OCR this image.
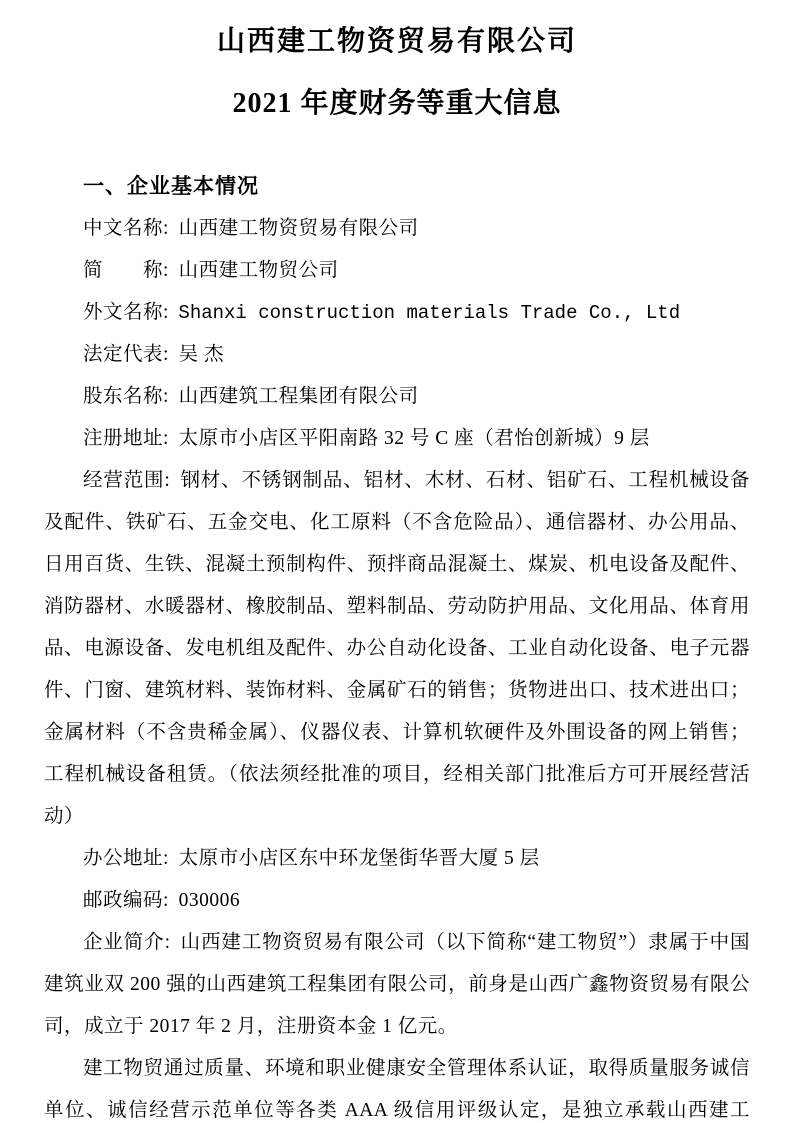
山西建工物资贸易有限公司
2021 年度财务等重大信息
一、企业基本情况

中文名称: 山西建工物资贸易有限公司

简　　称: 山西建工物贸公司

外文名称: Shanxi construction materials Trade Co., Ltd

法定代表: 吴 杰

股东名称: 山西建筑工程集团有限公司

注册地址: 太原市小店区平阳南路 32 号 C 座（君怡创新城）9 层

经营范围: 钢材、不锈钢制品、铝材、木材、石材、铝矿石、工程机械设备及配件、铁矿石、五金交电、化工原料（不含危险品）、通信器材、办公用品、日用百货、生铁、混凝土预制构件、预拌商品混凝土、煤炭、机电设备及配件、消防器材、水暖器材、橡胶制品、塑料制品、劳动防护用品、文化用品、体育用品、电源设备、发电机组及配件、办公自动化设备、工业自动化设备、电子元器件、门窗、建筑材料、装饰材料、金属矿石的销售；货物进出口、技术进出口；金属材料（不含贵稀金属）、仪器仪表、计算机软硬件及外围设备的网上销售；工程机械设备租赁。（依法须经批准的项目，经相关部门批准后方可开展经营活动）

办公地址: 太原市小店区东中环龙堡街华晋大厦 5 层

邮政编码: 030006

企业简介: 山西建工物资贸易有限公司（以下简称“建工物贸”）隶属于中国建筑业双 200 强的山西建筑工程集团有限公司，前身是山西广鑫物资贸易有限公司，成立于 2017 年 2 月，注册资本金 1 亿元。

建工物贸通过质量、环境和职业健康安全管理体系认证，取得质量服务诚信单位、诚信经营示范单位等各类 AAA 级信用评级认定，是独立承载山西建工
